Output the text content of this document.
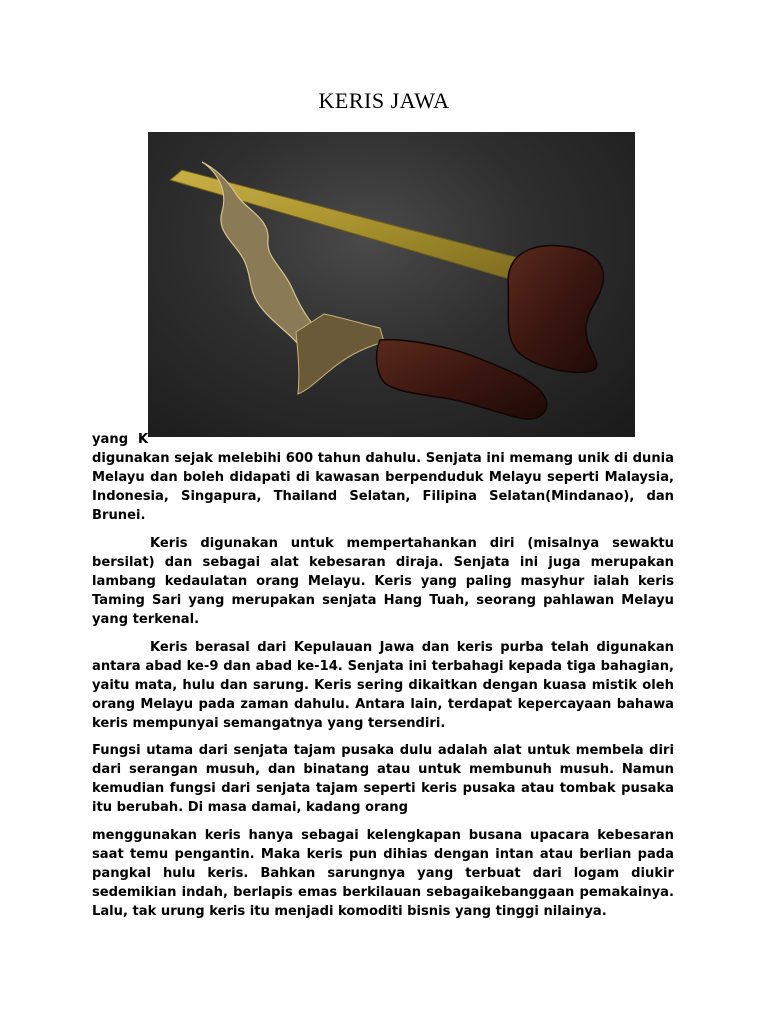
KERIS JAWA
K
yang
digunakan sejak melebihi 600 tahun dahulu. Senjata ini memang unik di dunia Melayu dan boleh didapati di kawasan berpenduduk Melayu seperti Malaysia, Indonesia, Singapura, Thailand Selatan, Filipina Selatan(Mindanao), dan Brunei.
Keris digunakan untuk mempertahankan diri (misalnya sewaktu bersilat) dan sebagai alat kebesaran diraja. Senjata ini juga merupakan lambang kedaulatan orang Melayu. Keris yang paling masyhur ialah keris Taming Sari yang merupakan senjata Hang Tuah, seorang pahlawan Melayu yang terkenal.
Keris berasal dari Kepulauan Jawa dan keris purba telah digunakan antara abad ke-9 dan abad ke-14. Senjata ini terbahagi kepada tiga bahagian, yaitu mata, hulu dan sarung. Keris sering dikaitkan dengan kuasa mistik oleh orang Melayu pada zaman dahulu. Antara lain, terdapat kepercayaan bahawa keris mempunyai semangatnya yang tersendiri.
Fungsi utama dari senjata tajam pusaka dulu adalah alat untuk membela diri dari serangan musuh, dan binatang atau untuk membunuh musuh. Namun kemudian fungsi dari senjata tajam seperti keris pusaka atau tombak pusaka itu berubah. Di masa damai, kadang orang
menggunakan keris hanya sebagai kelengkapan busana upacara kebesaran saat temu pengantin. Maka keris pun dihias dengan intan atau berlian pada pangkal hulu keris. Bahkan sarungnya yang terbuat dari logam diukir sedemikian indah, berlapis emas berkilauan sebagaikebanggaan pemakainya. Lalu, tak urung keris itu menjadi komoditi bisnis yang tinggi nilainya.
